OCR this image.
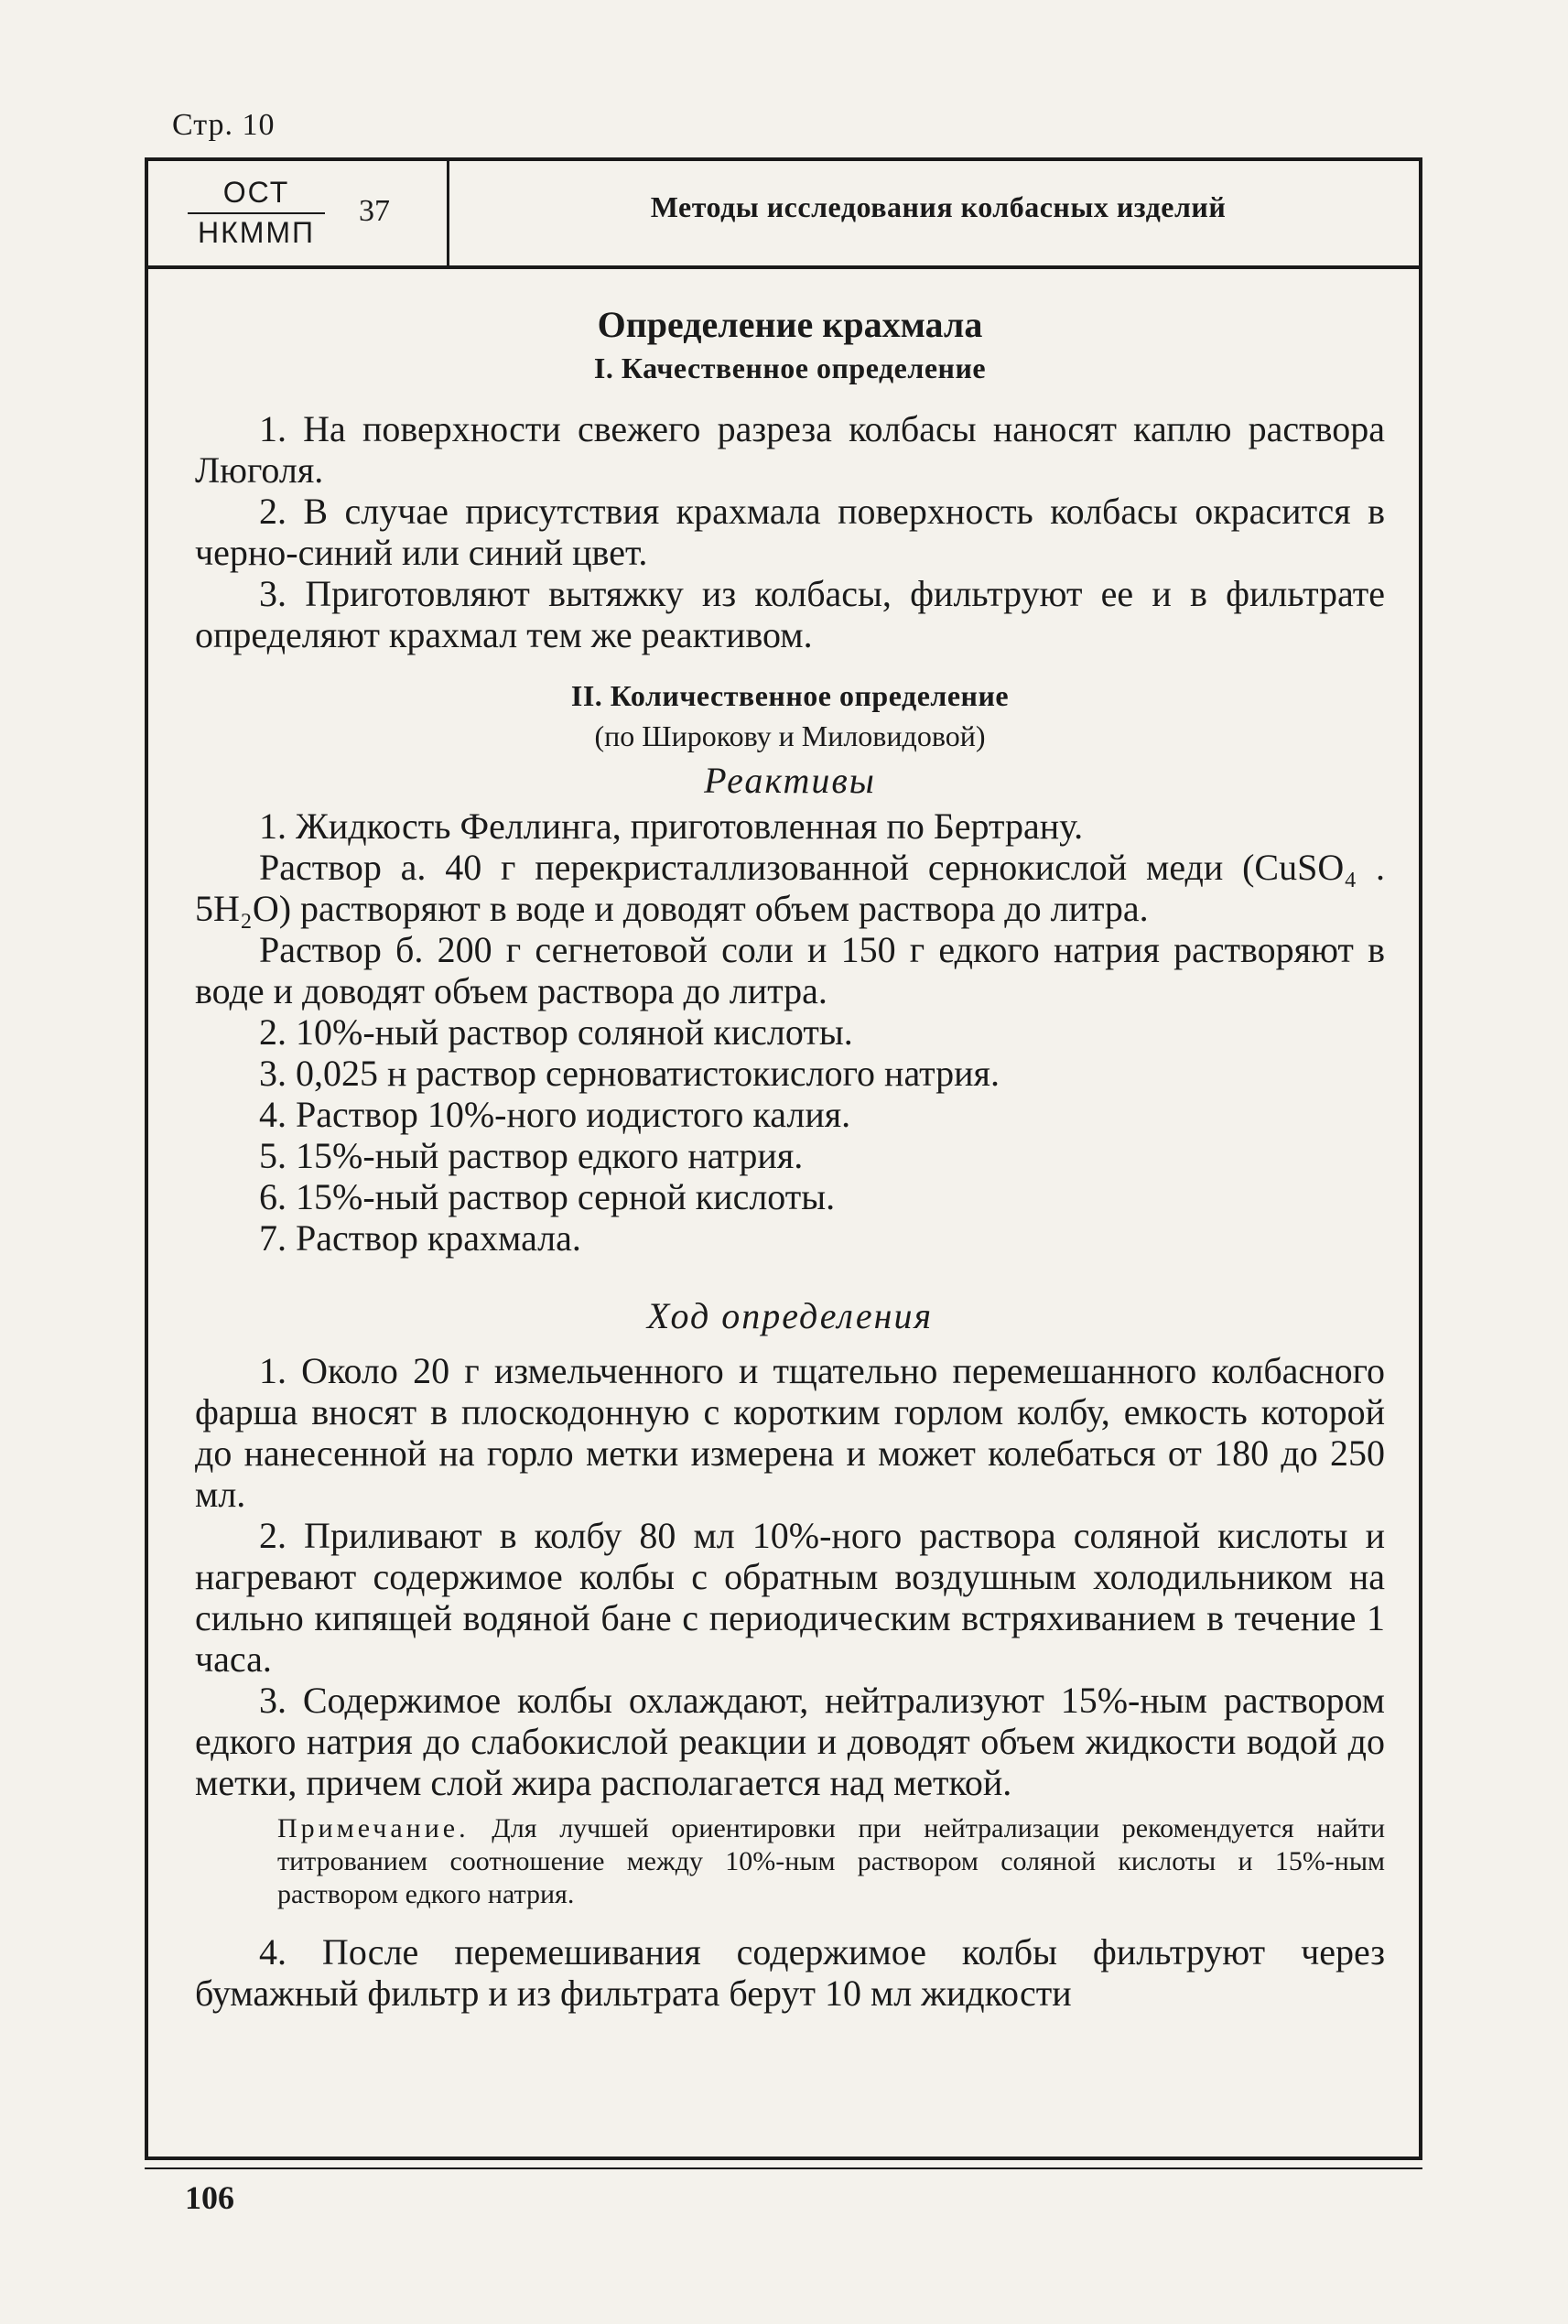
Стр. 10
ОСТ
НКММП
37	Методы исследования колбасных изделий
Определение крахмала
I. Качественное определение

1. На поверхности свежего разреза колбасы наносят каплю раствора Люголя.

2. В случае присутствия крахмала поверхность колбасы окрасится в черно-синий или синий цвет.

3. Приготовляют вытяжку из колбасы, фильтруют ее и в фильтрате определяют крахмал тем же реактивом.

II. Количественное определение
(по Широкову и Миловидовой)
Реактивы

1. Жидкость Феллинга, приготовленная по Бертрану.

Раствор а. 40 г перекристаллизованной сернокислой меди (CuSO₄ . 5H₂O) растворяют в воде и доводят объем раствора до литра.

Раствор б. 200 г сегнетовой соли и 150 г едкого натрия растворяют в воде и доводят объем раствора до литра.

2. 10%-ный раствор соляной кислоты.

3. 0,025 н раствор серноватистокислого натрия.

4. Раствор 10%-ного иодистого калия.

5. 15%-ный раствор едкого натрия.

6. 15%-ный раствор серной кислоты.

7. Раствор крахмала.

Ход определения

1. Около 20 г измельченного и тщательно перемешанного колбасного фарша вносят в плоскодонную с коротким горлом колбу, емкость которой до нанесенной на горло метки измерена и может колебаться от 180 до 250 мл.

2. Приливают в колбу 80 мл 10%-ного раствора соляной кислоты и нагревают содержимое колбы с обратным воздушным холодильником на сильно кипящей водяной бане с периодическим встряхиванием в течение 1 часа.

3. Содержимое колбы охлаждают, нейтрализуют 15%-ным раствором едкого натрия до слабокислой реакции и доводят объем жидкости водой до метки, причем слой жира располагается над меткой.

Примечание. Для лучшей ориентировки при нейтрализации рекомендуется найти титрованием соотношение между 10%-ным раствором соляной кислоты и 15%-ным раствором едкого натрия.

4. После перемешивания содержимое колбы фильтруют через бумажный фильтр и из фильтрата берут 10 мл жидкости

106
